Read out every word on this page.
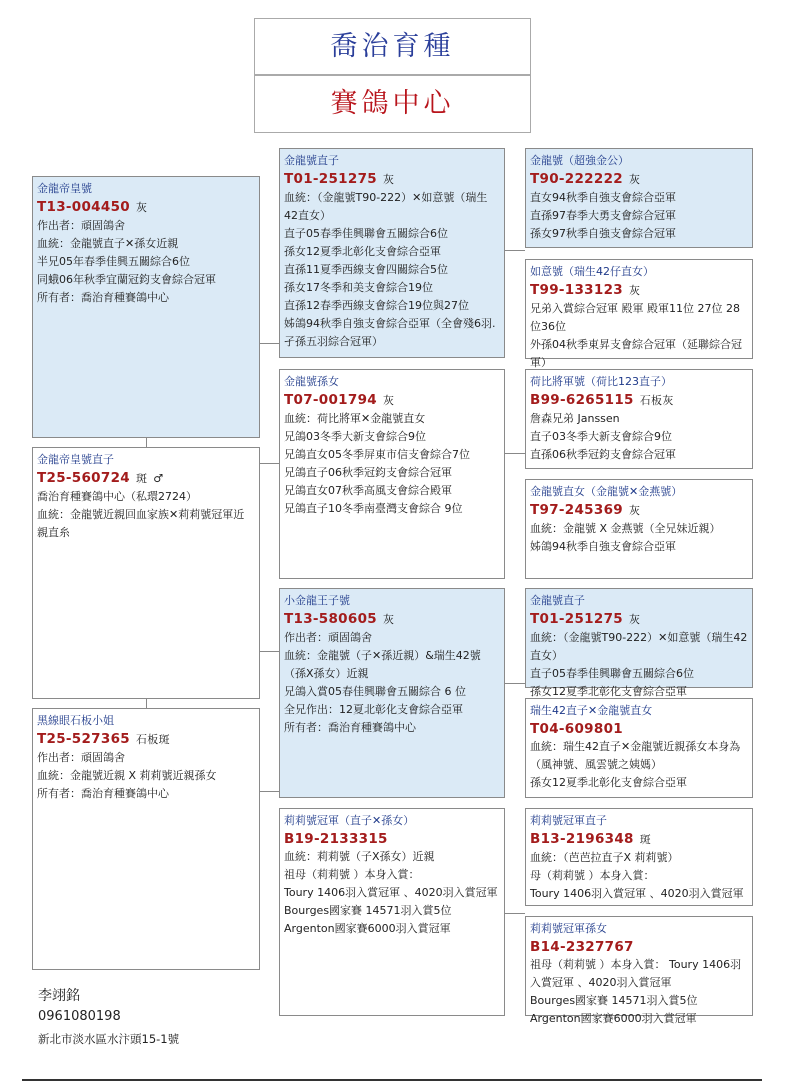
喬治育種
賽鴿中心
金龍帝皇號
T13-004450 灰
作出者：頑固鴿舍
血統：金龍號直子✕孫女近親
半兄05年春季佳興五關綜合6位
同蛾06年秋季宜蘭冠鈞支會綜合冠軍
所有者：喬治育種賽鴿中心
金龍帝皇號直子
T25-560724 斑 ♂
喬治育種賽鴿中心（私環2724）
血統：金龍號近親回血家族✕莉莉號冠軍近親直糸
黑線眼石板小姐
T25-527365 石板斑
作出者：頑固鴿舍
血統：金龍號近親 X 莉莉號近親孫女
所有者：喬治育種賽鴿中心
金龍號直子
T01-251275 灰
血統：（金龍號T90-222）✕如意號（瑞生42直女）
直子05春季佳興聯會五關綜合6位
孫女12夏季北彰化支會綜合亞軍
直孫11夏季西線支會四關綜合5位
孫女17冬季和美支會綜合19位
直孫12春季西線支會綜合19位與27位
姊鴿94秋季自強支會綜合亞軍（全會殘6羽.孑孫五羽綜合冠軍）
金龍號孫女
T07-001794 灰
血統：荷比將軍✕金龍號直女
兄鴿03冬季大新支會綜合9位
兄鴿直女05冬季屏東市信支會綜合7位
兄鴿直子06秋季冠鈞支會綜合冠軍
兄鴿直女07秋季高風支會綜合殿軍
兄鴿直子10冬季南臺灣支會綜合 9位
小金龍王子號
T13-580605 灰
作出者：頑固鴿舍
血統：金龍號（子✕孫近親）&瑞生42號（孫X孫女）近親
兄鴿入賞05春佳興聯會五關綜合 6 位
全兄作出：12夏北彰化支會綜合亞軍
所有者：喬治育種賽鴿中心
莉莉號冠軍（直子✕孫女）
B19-2133315
血統：莉莉號（子X孫女）近親
祖母（莉莉號 ）本身入賞：
Toury 1406羽入賞冠軍 、4020羽入賞冠軍
Bourges國家賽 14571羽入賞5位
Argenton國家賽6000羽入賞冠軍
金龍號（超強金公）
T90-222222 灰
直女94秋季自強支會綜合亞軍
直孫97春季大勇支會綜合冠軍
孫女97秋季自強支會綜合冠軍
如意號（瑞生42仔直女）
T99-133123 灰
兄弟入賞綜合冠軍 殿軍 殿軍11位 27位 28位36位
外孫04秋季東昇支會綜合冠軍（延聯綜合冠軍）
荷比將軍號（荷比123直子）
B99-6265115 石板灰
詹森兄弟 Janssen
直子03冬季大新支會綜合9位
直孫06秋季冠鈞支會綜合冠軍
金龍號直女（金龍號✕金燕號）
T97-245369 灰
血統：金龍號 X 金燕號（全兄妹近親）
姊鴿94秋季自強支會綜合亞軍
金龍號直子
T01-251275 灰
血統：（金龍號T90-222）✕如意號（瑞生42直女）
直子05春季佳興聯會五關綜合6位
孫女12夏季北彰化支會綜合亞軍
瑞生42直子✕金龍號直女
T04-609801
血統：瑞生42直子✕金龍號近親孫女本身為（風神號、風雲號之姨媽）
孫女12夏季北彰化支會綜合亞軍
莉莉號冠軍直子
B13-2196348 斑
血統：（芭芭拉直子X 莉莉號）
母（莉莉號 ）本身入賞：
Toury 1406羽入賞冠軍 、4020羽入賞冠軍
莉莉號冠軍孫女
B14-2327767
祖母（莉莉號 ）本身入賞： Toury 1406羽入賞冠軍 、4020羽入賞冠軍
Bourges國家賽 14571羽入賞5位
Argenton國家賽6000羽入賞冠軍
李翊銘
0961080198
新北市淡水區水汴頭15-1號
